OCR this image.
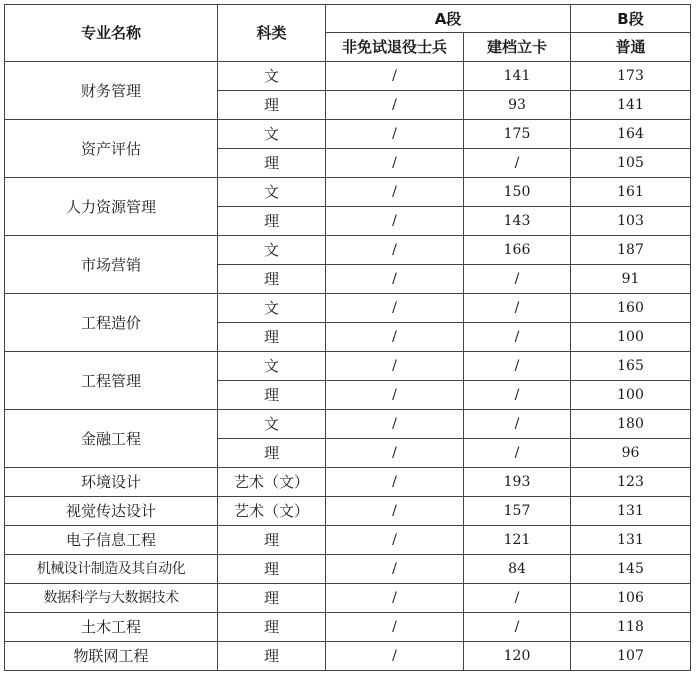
专业名称	科类	A段		B段
		非免试退役士兵	建档立卡	普通
财务管理	文	/	141	173
	理	/	93	141
资产评估	文	/	175	164
	理	/	/	105
人力资源管理	文	/	150	161
	理	/	143	103
市场营销	文	/	166	187
	理	/	/	91
工程造价	文	/	/	160
	理	/	/	100
工程管理	文	/	/	165
	理	/	/	100
金融工程	文	/	/	180
	理	/	/	96
环境设计	艺术（文）	/	193	123
视觉传达设计	艺术（文）	/	157	131
电子信息工程	理	/	121	131
机械设计制造及其自动化	理	/	84	145
数据科学与大数据技术	理	/	/	106
土木工程	理	/	/	118
物联网工程	理	/	120	107
